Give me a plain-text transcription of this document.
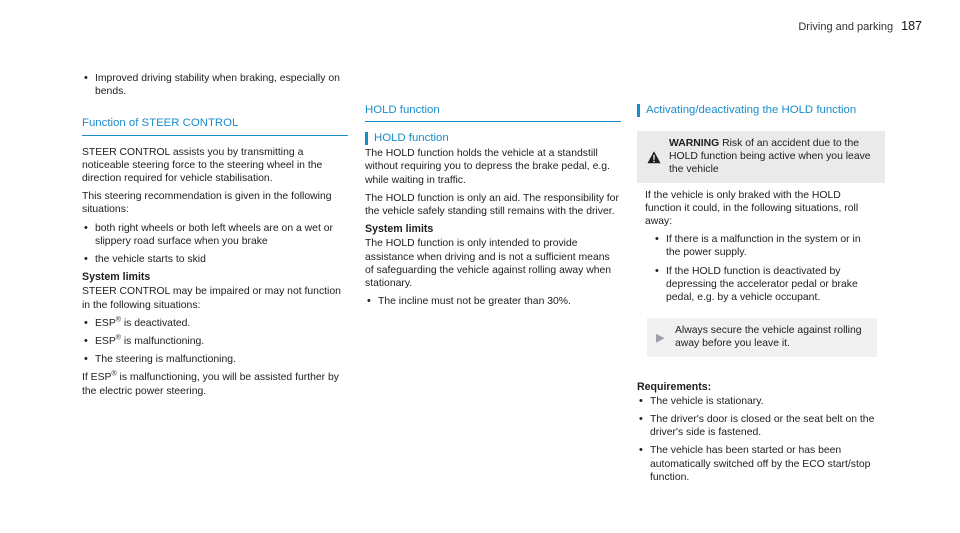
Driving and parking 187
• Improved driving stability when braking, especially on bends.
Function of STEER CONTROL

STEER CONTROL assists you by transmitting a noticeable steering force to the steering wheel in the direction required for vehicle stabilisation.

This steering recommendation is given in the following situations:

• both right wheels or both left wheels are on a wet or slippery road surface when you brake
• the vehicle starts to skid
System limits

STEER CONTROL may be impaired or may not function in the following situations:

• ESP® is deactivated.
• ESP® is malfunctioning.
• The steering is malfunctioning.

If ESP® is malfunctioning, you will be assisted further by the electric power steering.

HOLD function
HOLD function

The HOLD function holds the vehicle at a standstill without requiring you to depress the brake pedal, e.g. while waiting in traffic.

The HOLD function is only an aid. The responsibility for the vehicle safely standing still remains with the driver.

System limits

The HOLD function is only intended to provide assistance when driving and is not a sufficient means of safeguarding the vehicle against rolling away when stationary.

• The incline must not be greater than 30%.
Activating/deactivating the HOLD function
WARNING Risk of an accident due to the HOLD function being active when you leave the vehicle

If the vehicle is only braked with the HOLD function it could, in the following situations, roll away:

• If there is a malfunction in the system or in the power supply.
• If the HOLD function is deactivated by depressing the accelerator pedal or brake pedal, e.g. by a vehicle occupant.
Always secure the vehicle against rolling away before you leave it.
Requirements:
• The vehicle is stationary.
• The driver's door is closed or the seat belt on the driver's side is fastened.
• The vehicle has been started or has been automatically switched off by the ECO start/stop function.
